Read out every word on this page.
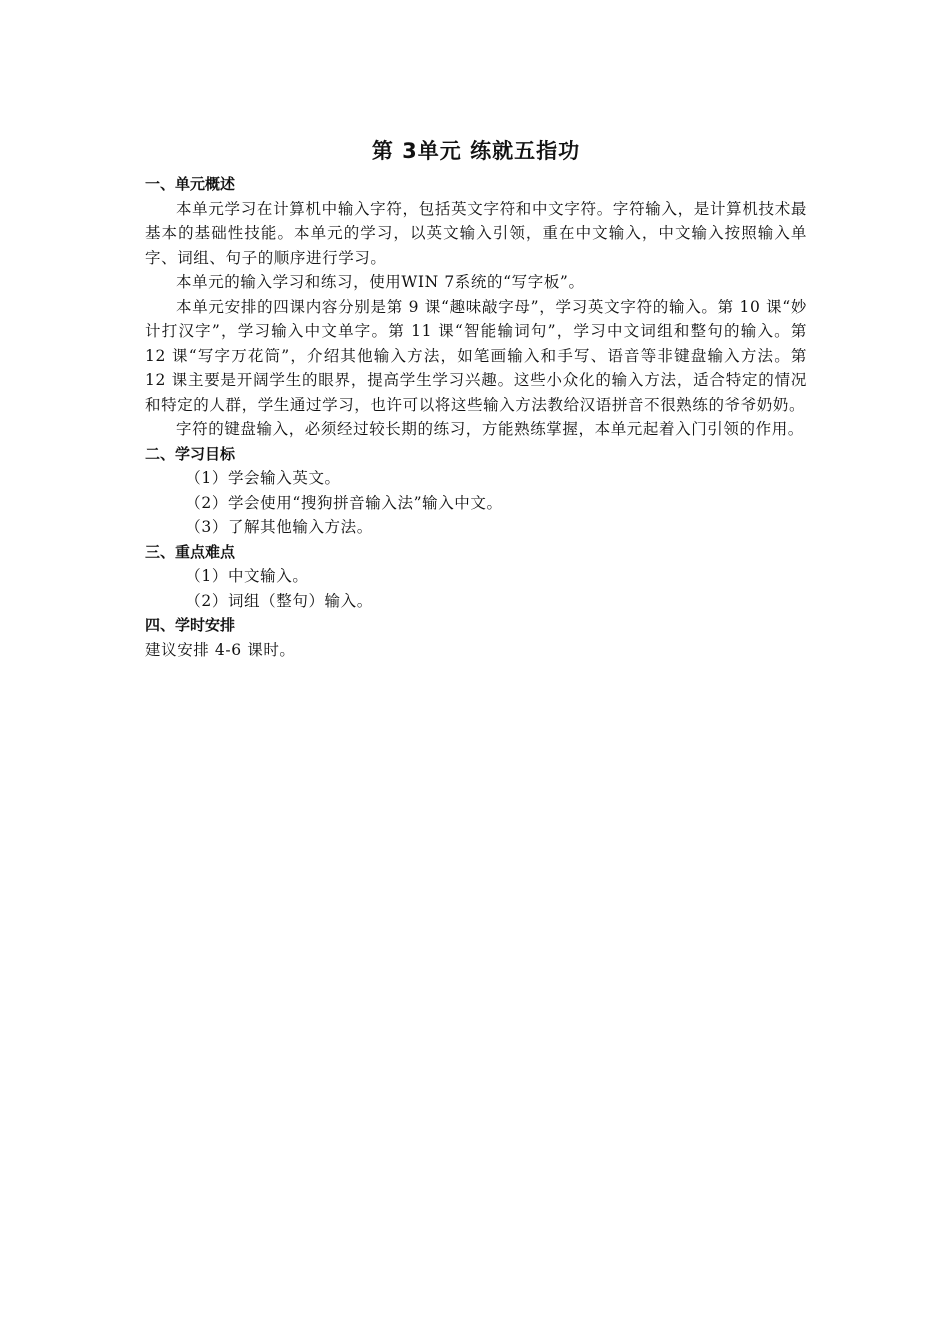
第 3单元 练就五指功

一、单元概述

本单元学习在计算机中输入字符，包括英文字符和中文字符。字符输入，是计算机技术最基本的基础性技能。本单元的学习，以英文输入引领，重在中文输入，中文输入按照输入单字、词组、句子的顺序进行学习。

本单元的输入学习和练习，使用WIN 7系统的“写字板”。

本单元安排的四课内容分别是第 9 课“趣味敲字母”，学习英文字符的输入。第 10 课“妙计打汉字”，学习输入中文单字。第 11 课“智能输词句”，学习中文词组和整句的输入。第 12 课“写字万花筒”，介绍其他输入方法，如笔画输入和手写、语音等非键盘输入方法。第 12 课主要是开阔学生的眼界，提高学生学习兴趣。这些小众化的输入方法，适合特定的情况和特定的人群，学生通过学习，也许可以将这些输入方法教给汉语拼音不很熟练的爷爷奶奶。

字符的键盘输入，必须经过较长期的练习，方能熟练掌握，本单元起着入门引领的作用。

二、学习目标

（1）学会输入英文。

（2）学会使用“搜狗拼音输入法”输入中文。

（3）了解其他输入方法。

三、重点难点

（1）中文输入。

（2）词组（整句）输入。

四、学时安排

建议安排 4-6 课时。
